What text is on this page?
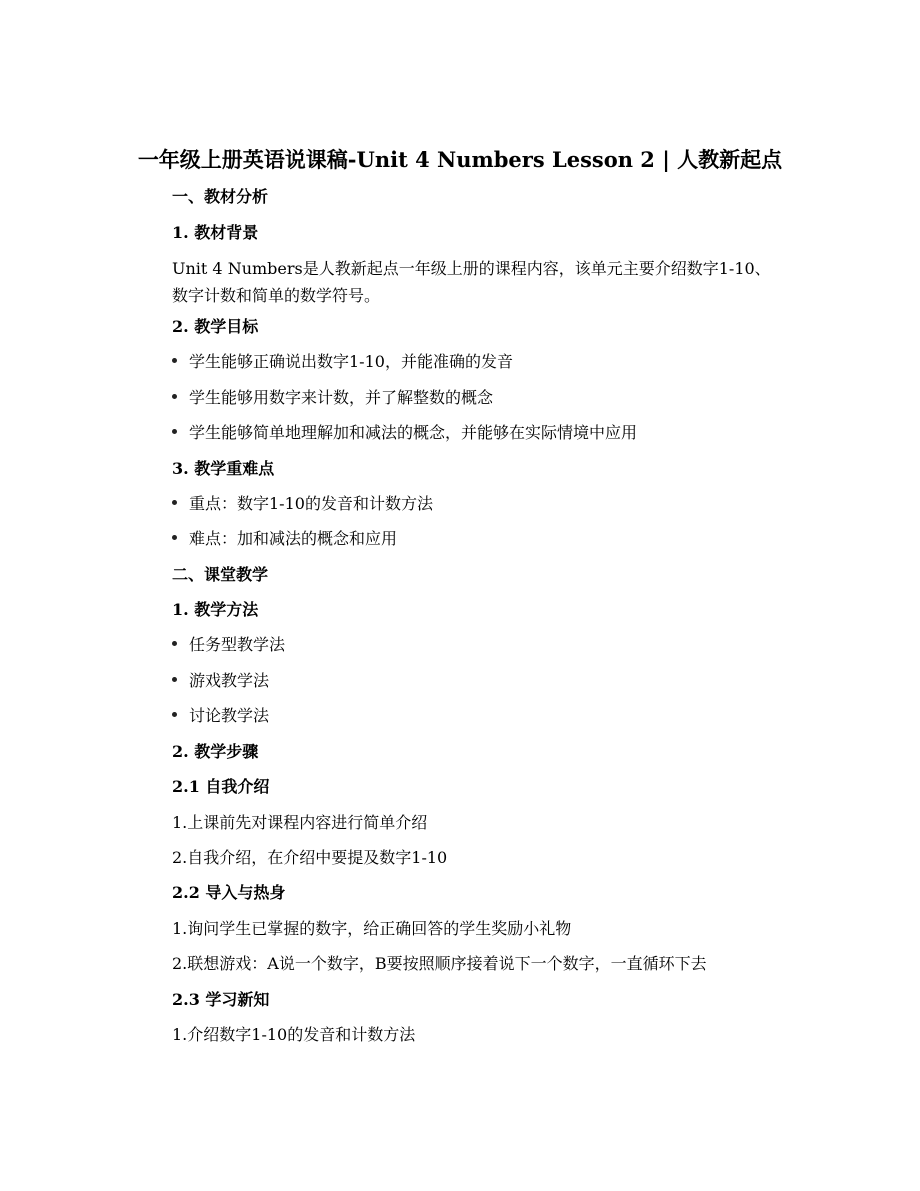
一年级上册英语说课稿-Unit 4 Numbers Lesson 2 | 人教新起点
一、教材分析
1. 教材背景
Unit 4 Numbers是人教新起点一年级上册的课程内容，该单元主要介绍数字1-10、数字计数和简单的数学符号。
2. 教学目标
学生能够正确说出数字1-10，并能准确的发音
学生能够用数字来计数，并了解整数的概念
学生能够简单地理解加和减法的概念，并能够在实际情境中应用
3. 教学重难点
重点：数字1-10的发音和计数方法
难点：加和减法的概念和应用
二、课堂教学
1. 教学方法
任务型教学法
游戏教学法
讨论教学法
2. 教学步骤
2.1 自我介绍
1.上课前先对课程内容进行简单介绍
2.自我介绍，在介绍中要提及数字1-10
2.2 导入与热身
1.询问学生已掌握的数字，给正确回答的学生奖励小礼物
2.联想游戏：A说一个数字，B要按照顺序接着说下一个数字，一直循环下去
2.3 学习新知
1.介绍数字1-10的发音和计数方法
